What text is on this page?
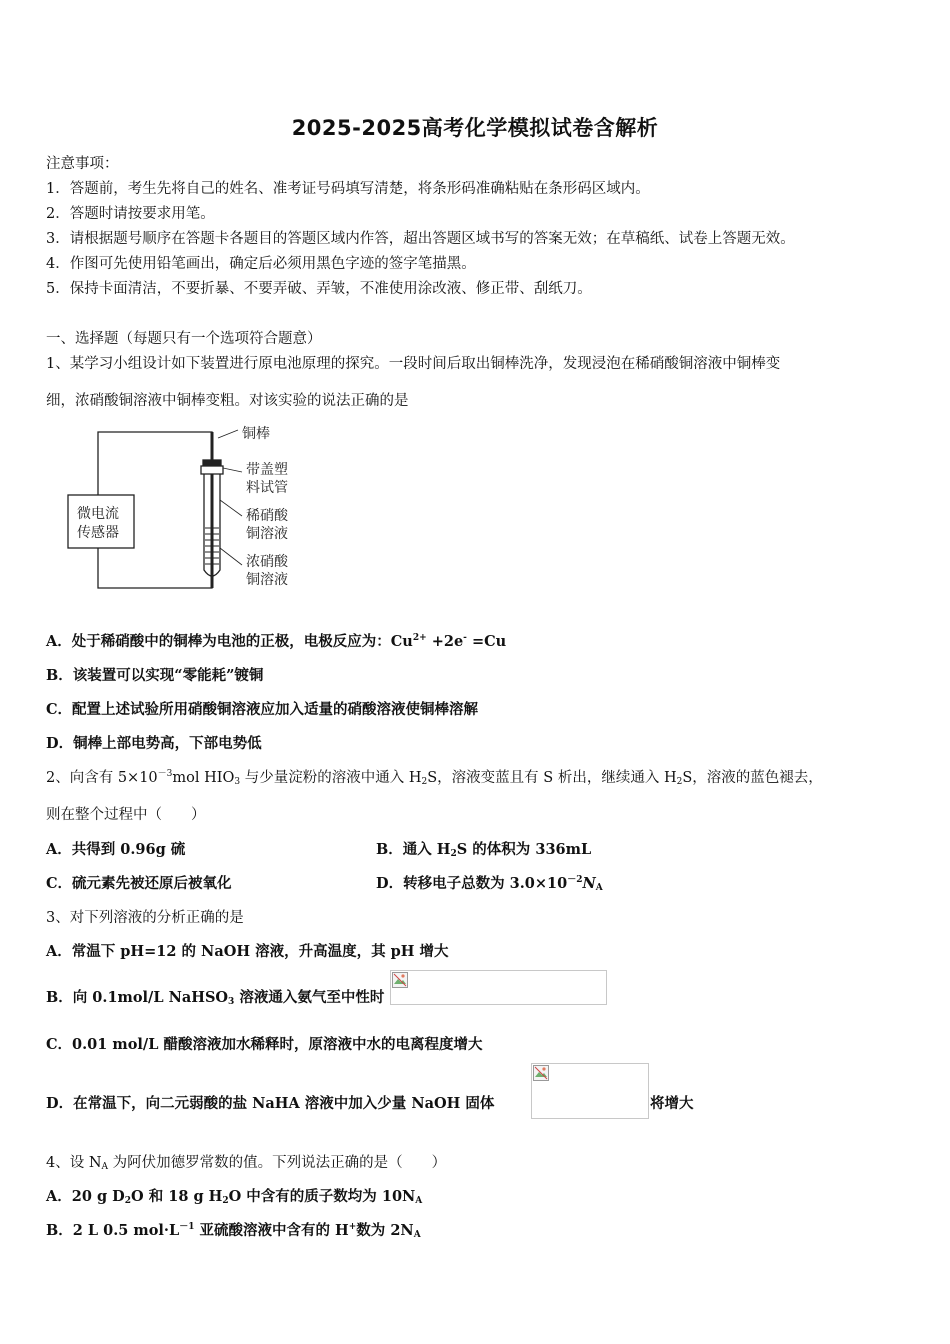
2025-2025高考化学模拟试卷含解析
注意事项：
1．答题前，考生先将自己的姓名、准考证号码填写清楚，将条形码准确粘贴在条形码区域内。
2．答题时请按要求用笔。
3．请根据题号顺序在答题卡各题目的答题区域内作答，超出答题区域书写的答案无效；在草稿纸、试卷上答题无效。
4．作图可先使用铅笔画出，确定后必须用黑色字迹的签字笔描黑。
5．保持卡面清洁，不要折暴、不要弄破、弄皱，不准使用涂改液、修正带、刮纸刀。
一、选择题（每题只有一个选项符合题意）
1、某学习小组设计如下装置进行原电池原理的探究。一段时间后取出铜棒洗净，发现浸泡在稀硝酸铜溶液中铜棒变
细，浓硝酸铜溶液中铜棒变粗。对该实验的说法正确的是
微电流
传感器
铜棒
带盖塑
料试管
稀硝酸
铜溶液
浓硝酸
铜溶液
A．处于稀硝酸中的铜棒为电池的正极，电极反应为：$Cu^{2+} +2e^- =Cu$
B．该装置可以实现“零能耗”镀铜
C．配置上述试验所用硝酸铜溶液应加入适量的硝酸溶液使铜棒溶解
D．铜棒上部电势高，下部电势低
2、向含有 $5\times 10^{-3}mol$ $HIO_3$ 与少量淀粉的溶液中通入 $H_2S$，溶液变蓝且有 S 析出，继续通入 $H_2S$，溶液的蓝色褪去，
则在整个过程中（　　）
A．共得到 0.96g 硫	B．通入 $H_2S$ 的体积为 336mL
C．硫元素先被还原后被氧化	D．转移电子总数为 $3.0\times 10^{-2}N_A$
3、对下列溶液的分析正确的是
A．常温下 pH=12 的 NaOH 溶液，升高温度，其 pH 增大
B．向 0.1mol/L NaHSO$_3$ 溶液通入氨气至中性时
C．0.01 mol/L 醋酸溶液加水稀释时，原溶液中水的电离程度增大
D．在常温下，向二元弱酸的盐 NaHA 溶液中加入少量 NaOH 固体	将增大
4、设 $N_A$ 为阿伏加德罗常数的值。下列说法正确的是（　　）
A．20 g $D_2O$ 和 18 g $H_2O$ 中含有的质子数均为 $10N_A$
B．2 L 0.5 $mol\cdot L^{-1}$ 亚硫酸溶液中含有的 H+数为 $2N_A$
